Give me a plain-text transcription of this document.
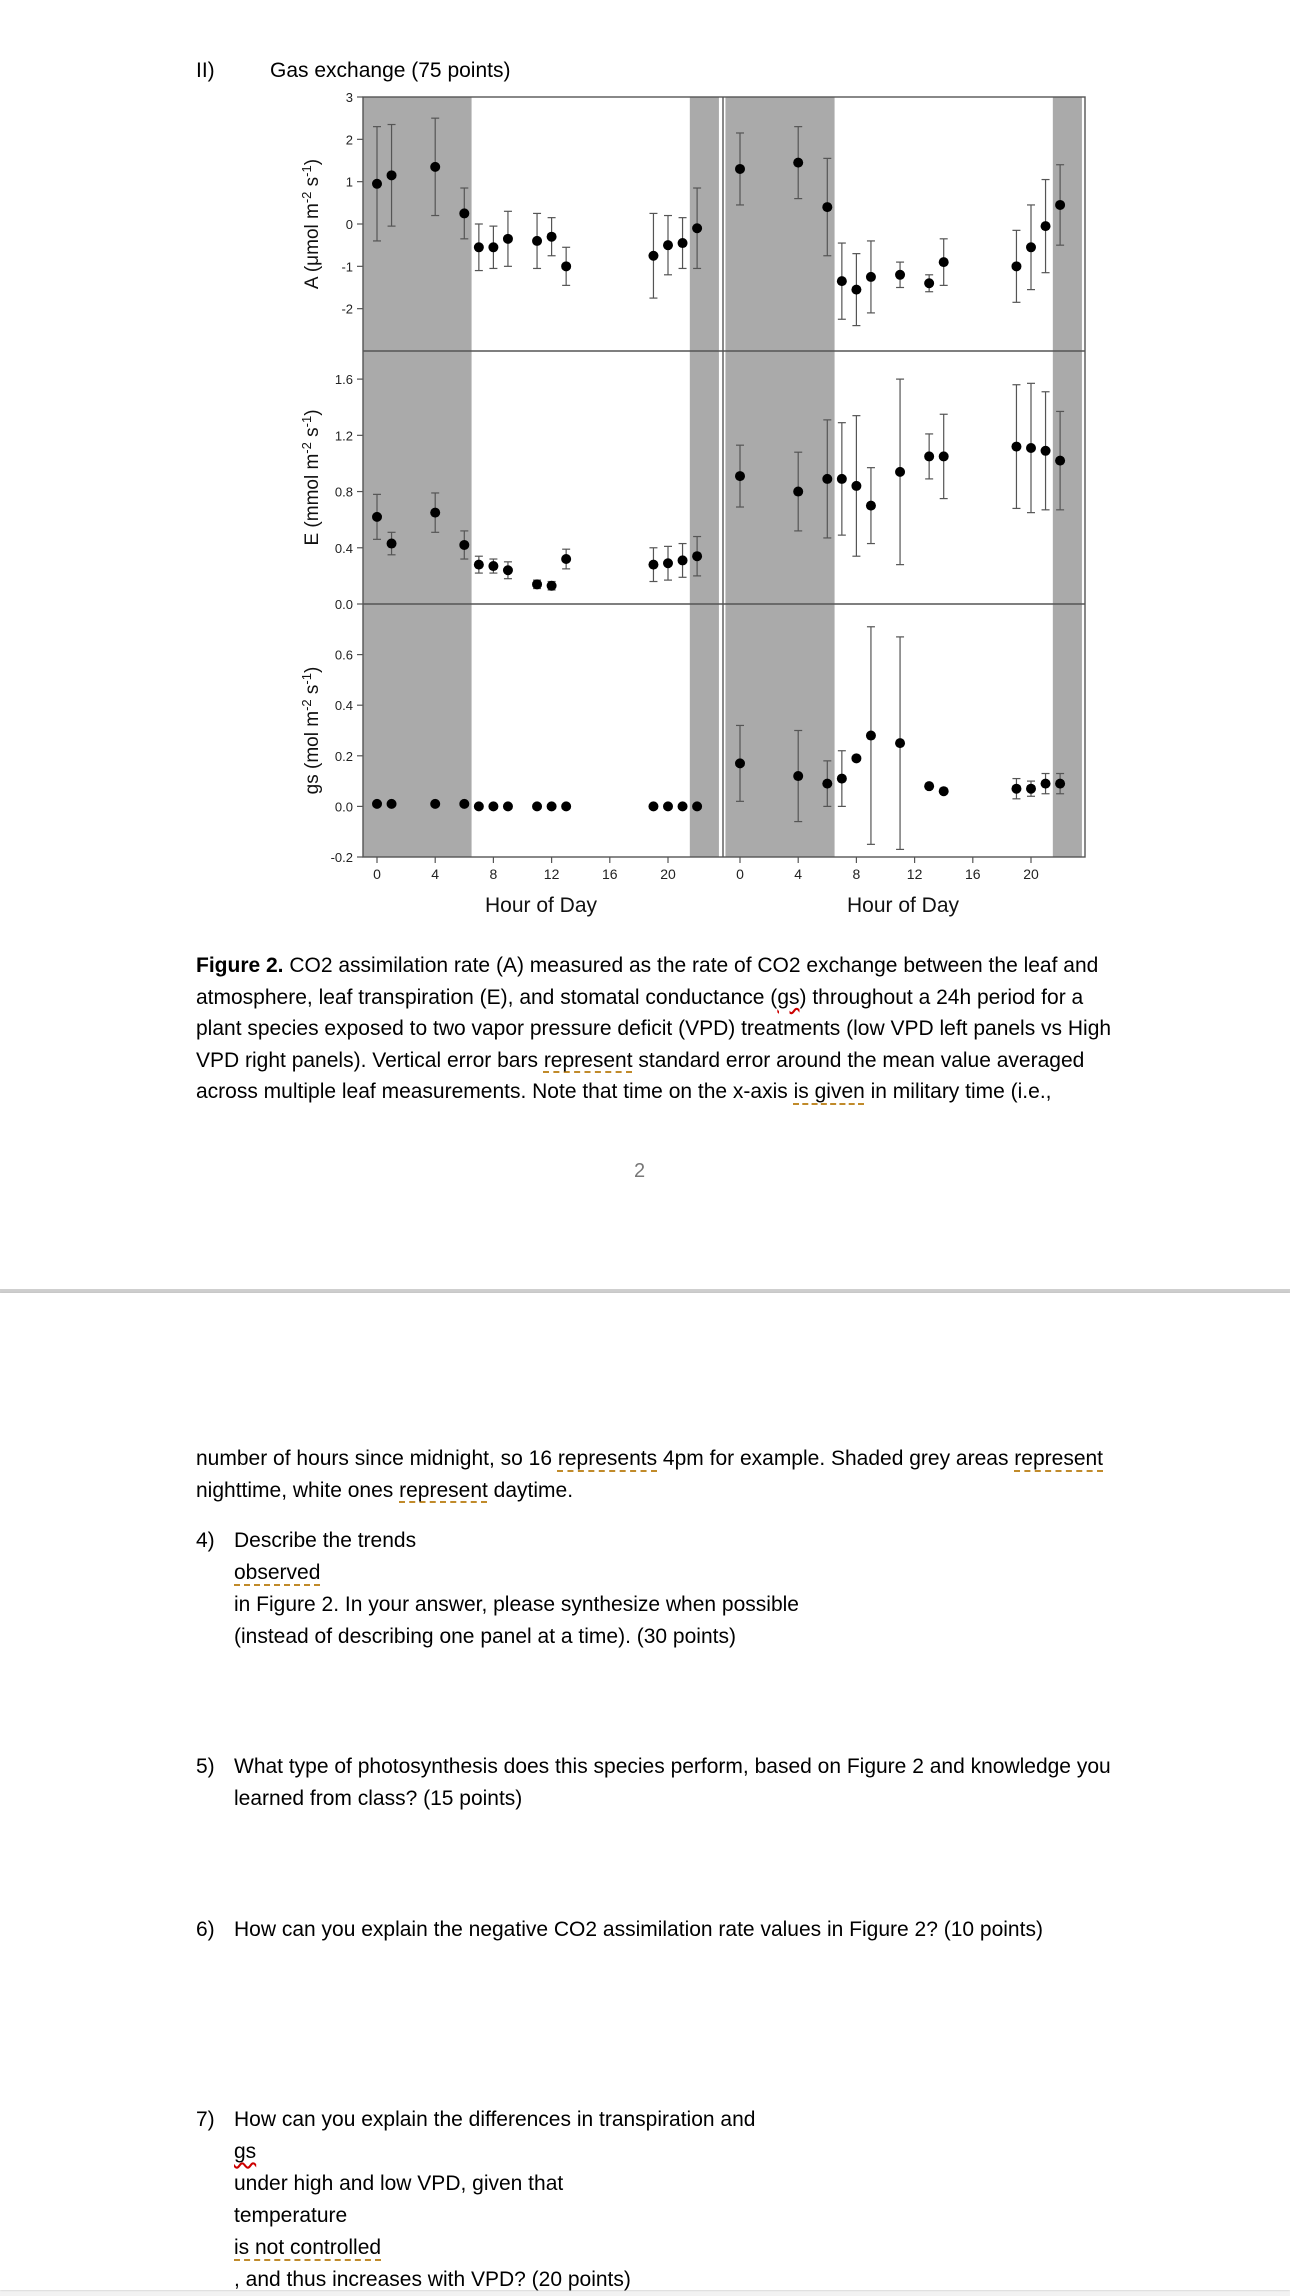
II)	Gas exchange (75 points)
3
2
1
0
-1
-2
A (μmol $m^{-2}$ $s^{-1}$)
1.6
1.2
0.8
0.4
0.0
E (mmol $m^{-2}$ $s^{-1}$)
0.6
0.4
0.2
0.0
-0.2
gs (mol $m^{-2}$ $s^{-1}$)
0	4	8	12	16	20	0	4	8	12	16	20
Hour of Day	Hour of Day
Figure 2. CO2 assimilation rate (A) measured as the rate of CO2 exchange between the leaf and
atmosphere, leaf transpiration (E), and stomatal conductance (gs) throughout a 24h period for a
plant species exposed to two vapor pressure deficit (VPD) treatments (low VPD left panels vs High
VPD right panels). Vertical error bars represent standard error around the mean value averaged
across multiple leaf measurements. Note that time on the x-axis is given in military time (i.e.,
2
number of hours since midnight, so 16 represents 4pm for example. Shaded grey areas represent
nighttime, white ones represent daytime.
4) Describe the trends
observed
in Figure 2. In your answer, please synthesize when possible
(instead of describing one panel at a time). (30 points)
5) What type of photosynthesis does this species perform, based on Figure 2 and knowledge you
learned from class? (15 points)
6) How can you explain the negative CO2 assimilation rate values in Figure 2? (10 points)
7) How can you explain the differences in transpiration and
gs
under high and low VPD, given that
temperature
is not controlled
, and thus increases with VPD? (20 points)
